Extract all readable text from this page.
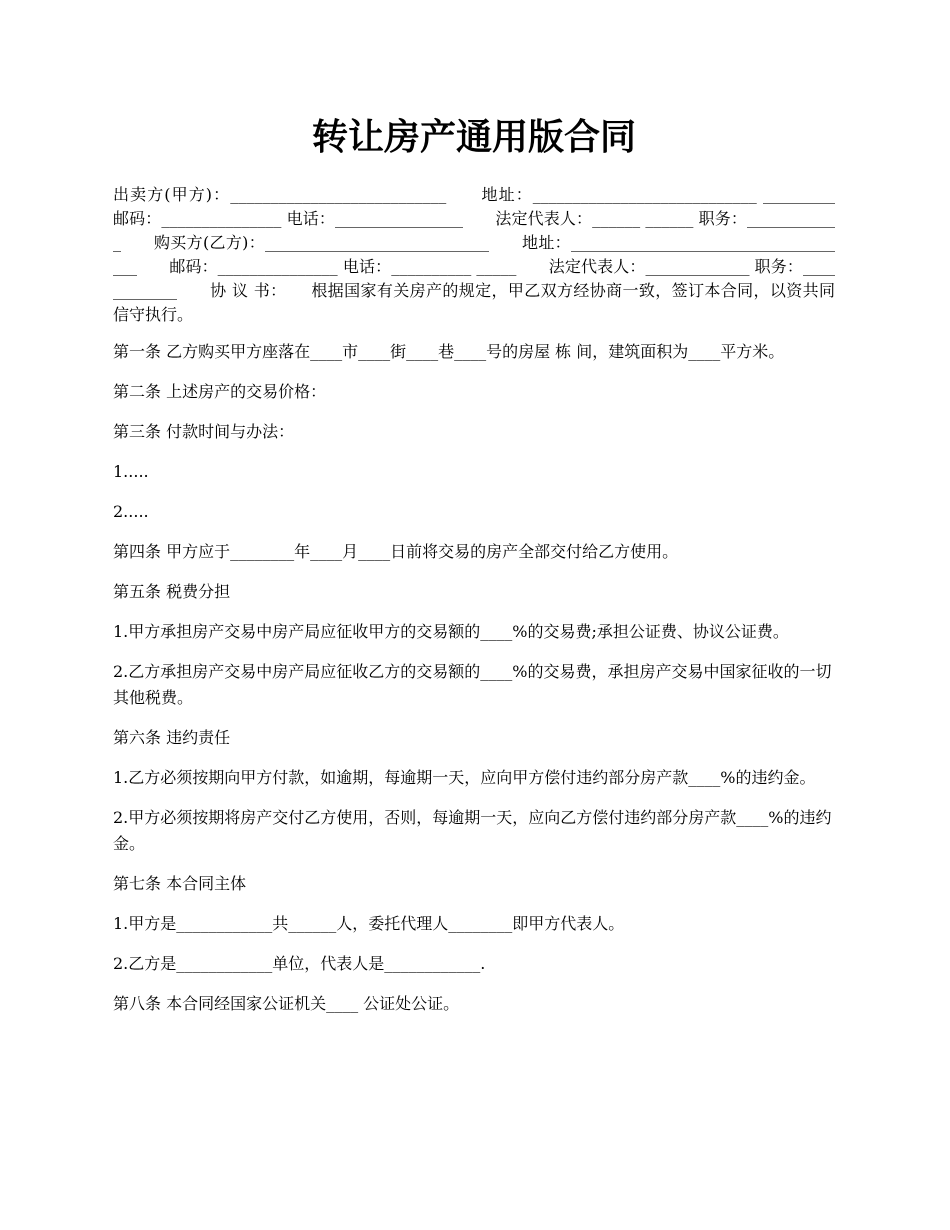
转让房产通用版合同
出卖方(甲方)：___________________________　　地址：____________________________ _________　　邮码：_______________ 电话：________________　　法定代表人：______ ______ 职务：____________　　购买方(乙方)：____________________________　　地址：____________________________________　　邮码：_______________ 电话：__________ _____　　法定代表人：_____________ 职务：____________　　协 议 书：　　根据国家有关房产的规定，甲乙双方经协商一致，签订本合同，以资共同信守执行。

第一条 乙方购买甲方座落在____市____街____巷____号的房屋 栋 间，建筑面积为____平方米。

第二条 上述房产的交易价格：

第三条 付款时间与办法：

1.....

2.....

第四条 甲方应于________年____月____日前将交易的房产全部交付给乙方使用。

第五条 税费分担

1.甲方承担房产交易中房产局应征收甲方的交易额的____%的交易费;承担公证费、协议公证费。

2.乙方承担房产交易中房产局应征收乙方的交易额的____%的交易费，承担房产交易中国家征收的一切其他税费。

第六条 违约责任

1.乙方必须按期向甲方付款，如逾期，每逾期一天，应向甲方偿付违约部分房产款____%的违约金。

2.甲方必须按期将房产交付乙方使用，否则，每逾期一天，应向乙方偿付违约部分房产款____%的违约金。

第七条 本合同主体

1.甲方是____________共______人，委托代理人________即甲方代表人。

2.乙方是____________单位，代表人是____________.

第八条 本合同经国家公证机关____ 公证处公证。
